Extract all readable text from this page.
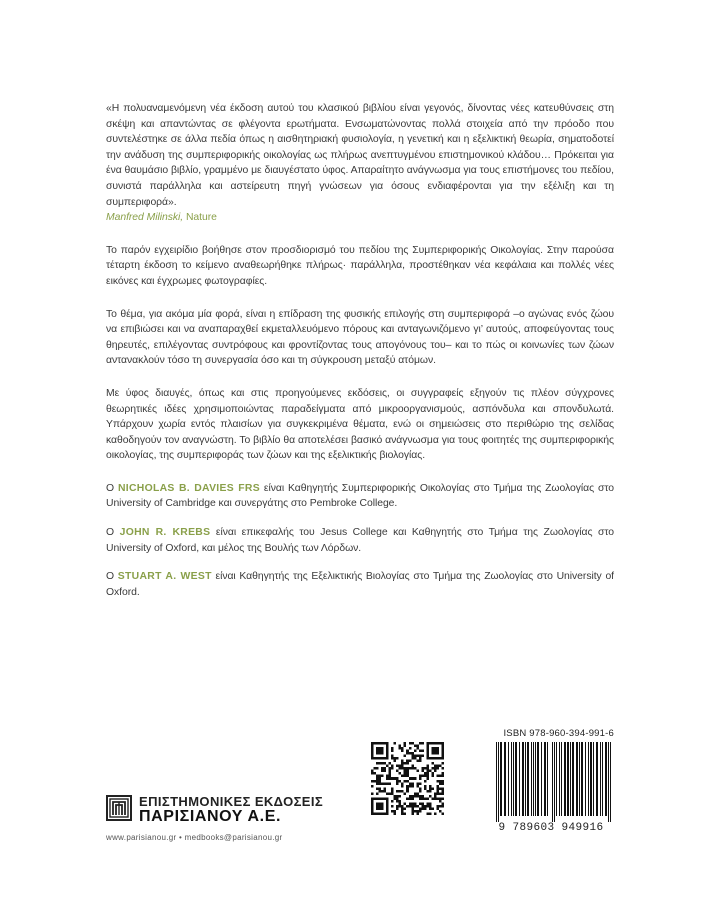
«Η πολυαναμενόμενη νέα έκδοση αυτού του κλασικού βιβλίου είναι γεγονός, δίνοντας νέες κατευθύνσεις στη σκέψη και απαντώντας σε φλέγοντα ερωτήματα. Ενσωματώνοντας πολλά στοιχεία από την πρόοδο που συντελέστηκε σε άλλα πεδία όπως η αισθητηριακή φυσιολογία, η γενετική και η εξελικτική θεωρία, σηματοδοτεί την ανάδυση της συμπεριφορικής οικολογίας ως πλήρως ανεπτυγμένου επιστημονικού κλάδου… Πρόκειται για ένα θαυμάσιο βιβλίο, γραμμένο με διαυγέστατο ύφος. Απαραίτητο ανάγνωσμα για τους επιστήμονες του πεδίου, συνιστά παράλληλα και αστείρευτη πηγή γνώσεων για όσους ενδιαφέρονται για την εξέλιξη και τη συμπεριφορά».
Manfred Milinski, Nature

Το παρόν εγχειρίδιο βοήθησε στον προσδιορισμό του πεδίου της Συμπεριφορικής Οικολογίας. Στην παρούσα τέταρτη έκδοση το κείμενο αναθεωρήθηκε πλήρως· παράλληλα, προστέθηκαν νέα κεφάλαια και πολλές νέες εικόνες και έγχρωμες φωτογραφίες.

Το θέμα, για ακόμα μία φορά, είναι η επίδραση της φυσικής επιλογής στη συμπεριφορά –ο αγώνας ενός ζώου να επιβιώσει και να αναπαραχθεί εκμεταλλευόμενο πόρους και ανταγωνιζόμενο γι’ αυτούς, αποφεύγοντας τους θηρευτές, επιλέγοντας συντρόφους και φροντίζοντας τους απογόνους του– και το πώς οι κοινωνίες των ζώων αντανακλούν τόσο τη συνεργασία όσο και τη σύγκρουση μεταξύ ατόμων.

Με ύφος διαυγές, όπως και στις προηγούμενες εκδόσεις, οι συγγραφείς εξηγούν τις πλέον σύγχρονες θεωρητικές ιδέες χρησιμοποιώντας παραδείγματα από μικροοργανισμούς, ασπόνδυλα και σπονδυλωτά. Υπάρχουν χωρία εντός πλαισίων για συγκεκριμένα θέματα, ενώ οι σημειώσεις στο περιθώριο της σελίδας καθοδηγούν τον αναγνώστη. Το βιβλίο θα αποτελέσει βασικό ανάγνωσμα για τους φοιτητές της συμπεριφορικής οικολογίας, της συμπεριφοράς των ζώων και της εξελικτικής βιολογίας.

Ο NICHOLAS B. DAVIES FRS είναι Καθηγητής Συμπεριφορικής Οικολογίας στο Τμήμα της Ζωολογίας στο University of Cambridge και συνεργάτης στο Pembroke College.

Ο JOHN R. KREBS είναι επικεφαλής του Jesus College και Καθηγητής στο Τμήμα της Ζωολογίας στο University of Oxford, και μέλος της Βουλής των Λόρδων.

Ο STUART A. WEST είναι Καθηγητής της Εξελικτικής Βιολογίας στο Τμήμα της Ζωολογίας στο University of Oxford.

ΕΠΙΣΤΗΜΟΝΙΚΕΣ ΕΚΔΟΣΕΙΣ
ΠΑΡΙΣΙΑΝΟΥ Α.Ε.
www.parisianou.gr • medbooks@parisianou.gr
ISBN 978-960-394-991-6
9 789603 949916
